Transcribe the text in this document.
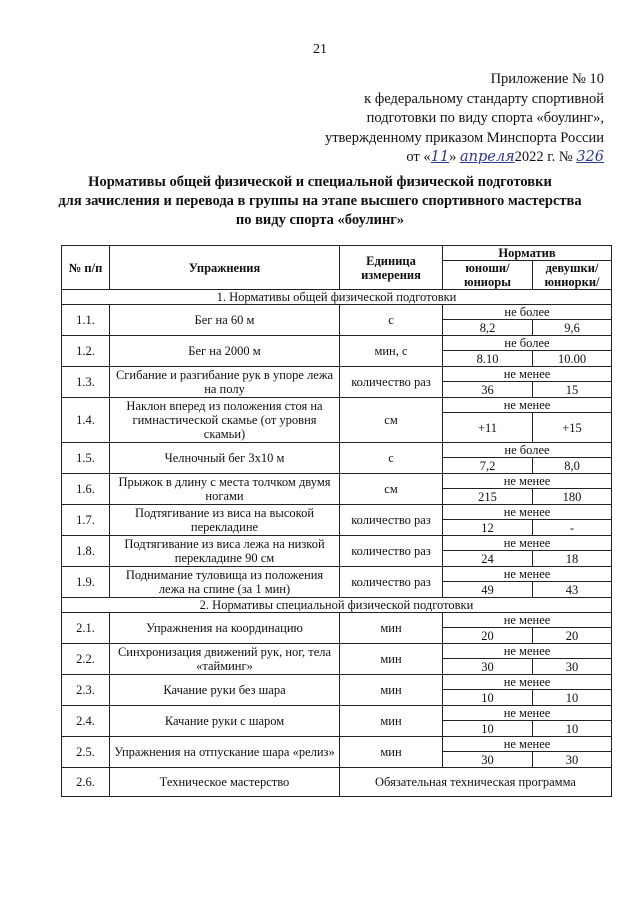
21
Приложение № 10
к федеральному стандарту спортивной
подготовки по виду спорта «боулинг»,
утвержденному приказом Минспорта России
от «11» апреля2022 г. № 326
Нормативы общей физической и специальной физической подготовки
для зачисления и перевода в группы на этапе высшего спортивного мастерства
по виду спорта «боулинг»
№ п/п	Упражнения	Единица измерения	Норматив	
			юноши/ юниоры	девушки/ юниорки/
1. Нормативы общей физической подготовки				
1.1.	Бег на 60 м	с	не более	
			8,2	9,6
1.2.	Бег на 2000 м	мин, с	не более	
			8.10	10.00
1.3.	Сгибание и разгибание рук в упоре лежа на полу	количество раз	не менее	
			36	15
1.4.	Наклон вперед из положения стоя на гимнастической скамье (от уровня скамьи)	см	не менее	
			+11	+15
1.5.	Челночный бег 3x10 м	с	не более	
			7,2	8,0
1.6.	Прыжок в длину с места толчком двумя ногами	см	не менее	
			215	180
1.7.	Подтягивание из виса на высокой перекладине	количество раз	не менее	
			12	-
1.8.	Подтягивание из виса лежа на низкой перекладине 90 см	количество раз	не менее	
			24	18
1.9.	Поднимание туловища из положения лежа на спине (за 1 мин)	количество раз	не менее	
			49	43
2. Нормативы специальной физической подготовки				
2.1.	Упражнения на координацию	мин	не менее	
			20	20
2.2.	Синхронизация движений рук, ног, тела «тайминг»	мин	не менее	
			30	30
2.3.	Качание руки без шара	мин	не менее	
			10	10
2.4.	Качание руки с шаром	мин	не менее	
			10	10
2.5.	Упражнения на отпускание шара «релиз»	мин	не менее	
			30	30
2.6.	Техническое мастерство	Обязательная техническая программа		
